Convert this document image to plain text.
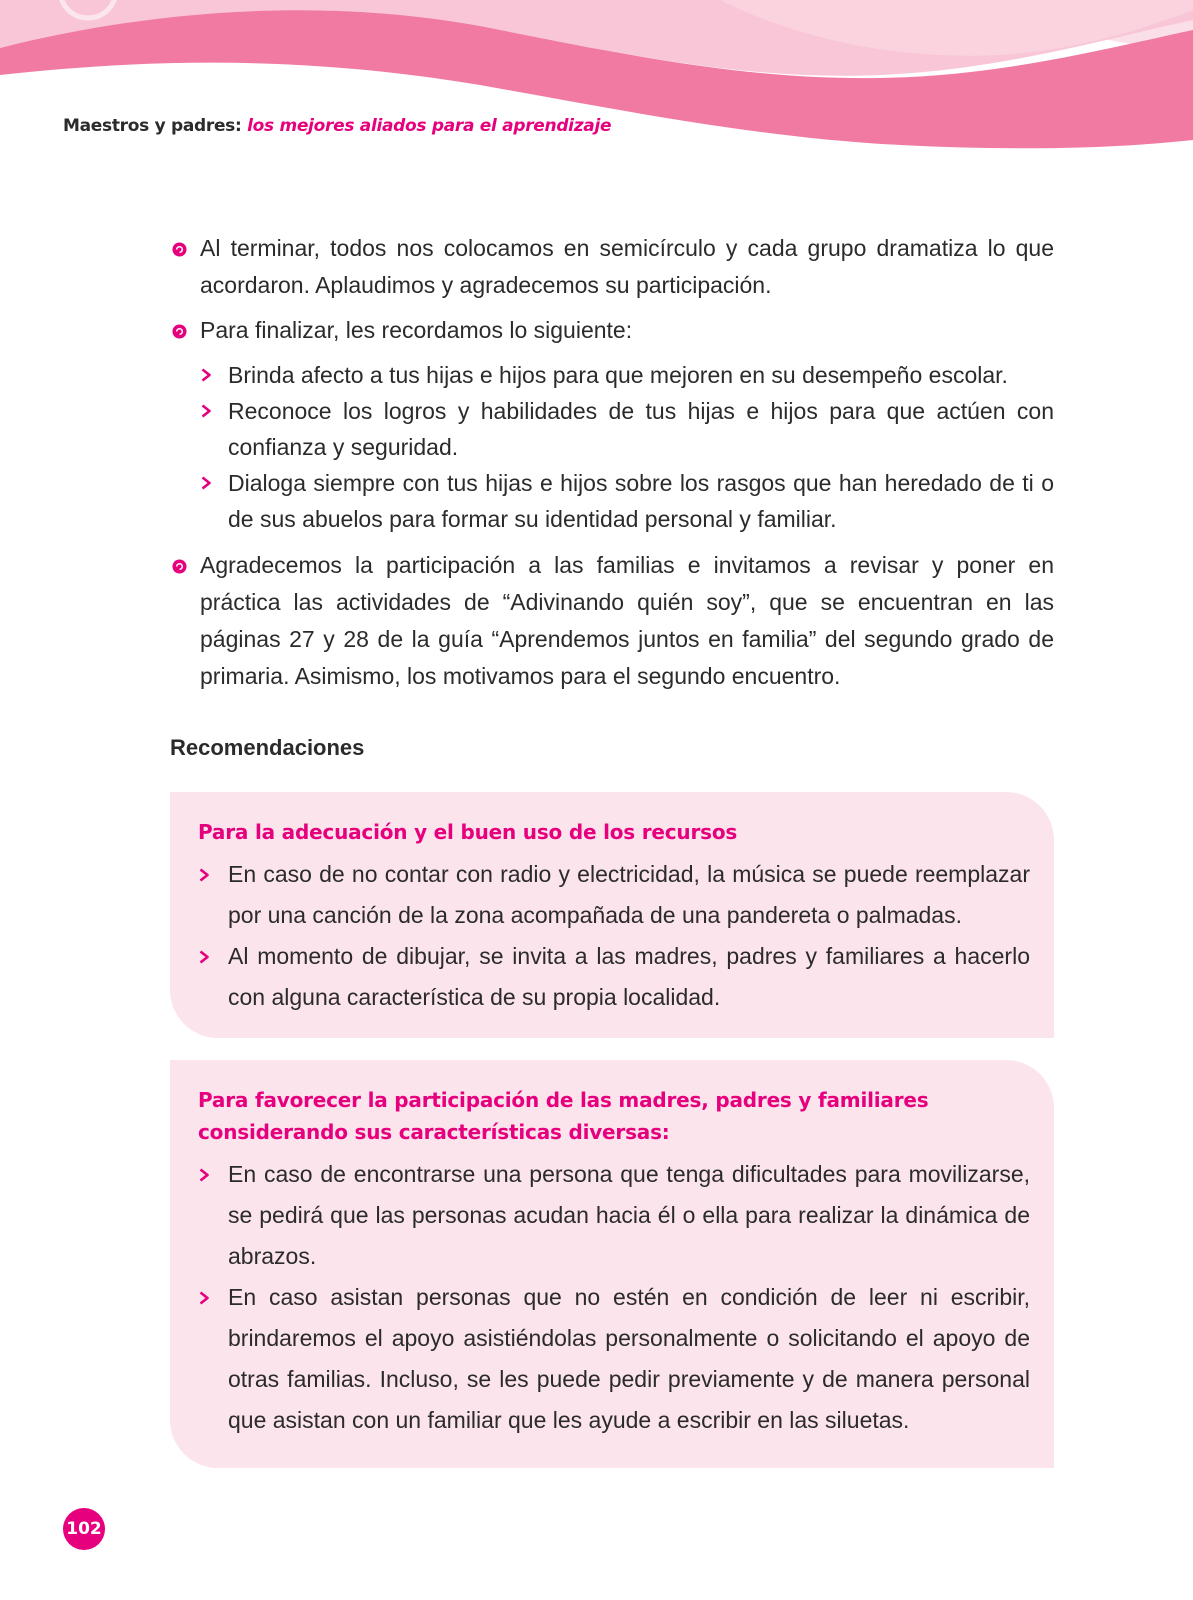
Maestros y padres: los mejores aliados para el aprendizaje
Al terminar, todos nos colocamos en semicírculo y cada grupo dramatiza lo que acordaron. Aplaudimos y agradecemos su participación.
Para finalizar, les recordamos lo siguiente:
Brinda afecto a tus hijas e hijos para que mejoren en su desempeño escolar.
Reconoce los logros y habilidades de tus hijas e hijos para que actúen con confianza y seguridad.
Dialoga siempre con tus hijas e hijos sobre los rasgos que han heredado de ti o de sus abuelos para formar su identidad personal y familiar.
Agradecemos la participación a las familias e invitamos a revisar y poner en práctica las actividades de “Adivinando quién soy”, que se encuentran en las páginas 27 y 28 de la guía “Aprendemos juntos en familia” del segundo grado de primaria. Asimismo, los motivamos para el segundo encuentro.
Recomendaciones
Para la adecuación y el buen uso de los recursos
En caso de no contar con radio y electricidad, la música se puede reemplazar por una canción de la zona acompañada de una pandereta o palmadas.
Al momento de dibujar, se invita a las madres, padres y familiares a hacerlo con alguna característica de su propia localidad.
Para favorecer la participación de las madres, padres y familiares considerando sus características diversas:
En caso de encontrarse una persona que tenga dificultades para movilizarse, se pedirá que las personas acudan hacia él o ella para realizar la dinámica de abrazos.
En caso asistan personas que no estén en condición de leer ni escribir, brindaremos el apoyo asistiéndolas personalmente o solicitando el apoyo de otras familias. Incluso, se les puede pedir previamente y de manera personal que asistan con un familiar que les ayude a escribir en las siluetas.
102
